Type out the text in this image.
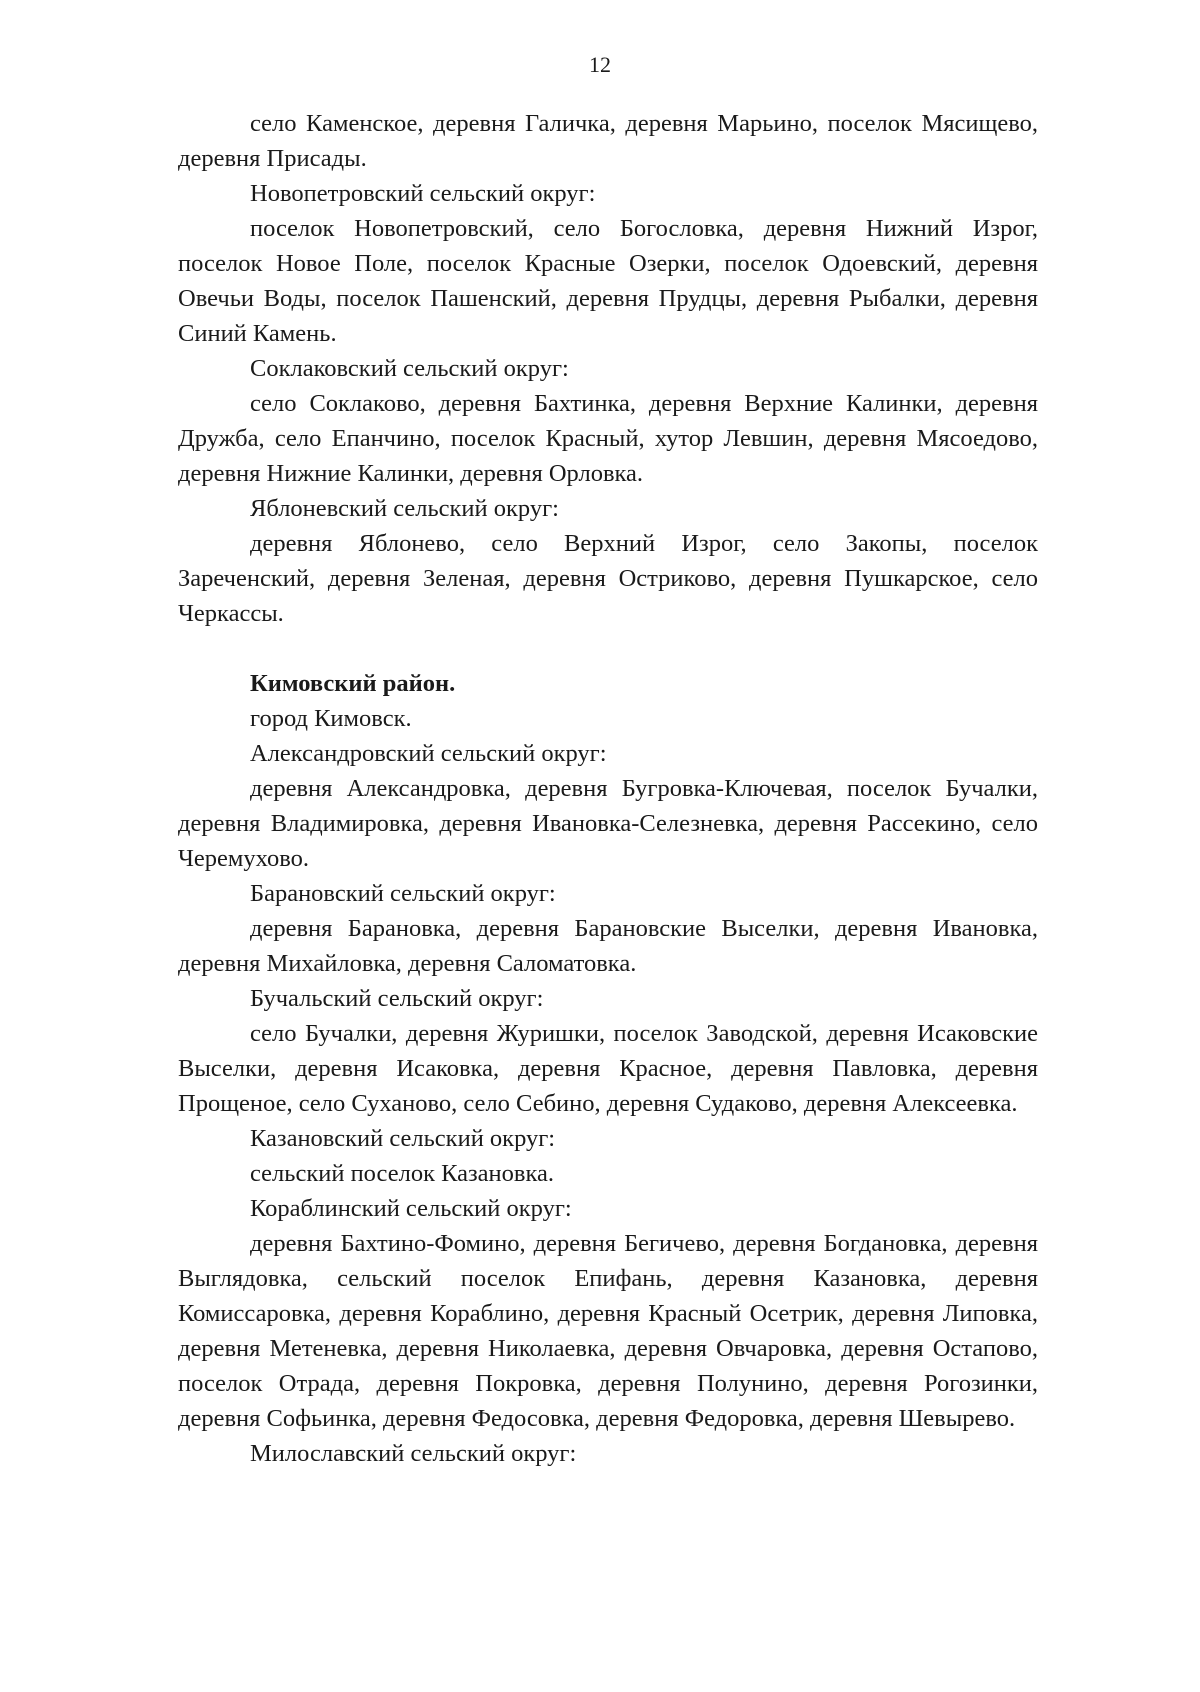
12

село Каменское, деревня Галичка, деревня Марьино, поселок Мясищево, деревня Присады.

Новопетровский сельский округ:

поселок Новопетровский, село Богословка, деревня Нижний Изрог, поселок Новое Поле, поселок Красные Озерки, поселок Одоевский, деревня Овечьи Воды, поселок Пашенский, деревня Прудцы, деревня Рыбалки, деревня Синий Камень.

Соклаковский сельский округ:

село Соклаково, деревня Бахтинка, деревня Верхние Калинки, деревня Дружба, село Епанчино, поселок Красный, хутор Левшин, деревня Мясоедово, деревня Нижние Калинки, деревня Орловка.

Яблоневский сельский округ:

деревня Яблонево, село Верхний Изрог, село Закопы, поселок Зареченский, деревня Зеленая, деревня Остриково, деревня Пушкарское, село Черкассы.

Кимовский район.

город Кимовск.

Александровский сельский округ:

деревня Александровка, деревня Бугровка-Ключевая, поселок Бучалки, деревня Владимировка, деревня Ивановка-Селезневка, деревня Рассекино, село Черемухово.

Барановский сельский округ:

деревня Барановка, деревня Барановские Выселки, деревня Ивановка, деревня Михайловка, деревня Саломатовка.

Бучальский сельский округ:

село Бучалки, деревня Журишки, поселок Заводской, деревня Исаковские Выселки, деревня Исаковка, деревня Красное, деревня Павловка, деревня Прощеное, село Суханово, село Себино, деревня Судаково, деревня Алексеевка.

Казановский сельский округ:

сельский поселок Казановка.

Кораблинский сельский округ:

деревня Бахтино-Фомино, деревня Бегичево, деревня Богдановка, деревня Выглядовка, сельский поселок Епифань, деревня Казановка, деревня Комиссаровка, деревня Кораблино, деревня Красный Осетрик, деревня Липовка, деревня Метеневка, деревня Николаевка, деревня Овчаровка, деревня Остапово, поселок Отрада, деревня Покровка, деревня Полунино, деревня Рогозинки, деревня Софьинка, деревня Федосовка, деревня Федоровка, деревня Шевырево.

Милославский сельский округ:
